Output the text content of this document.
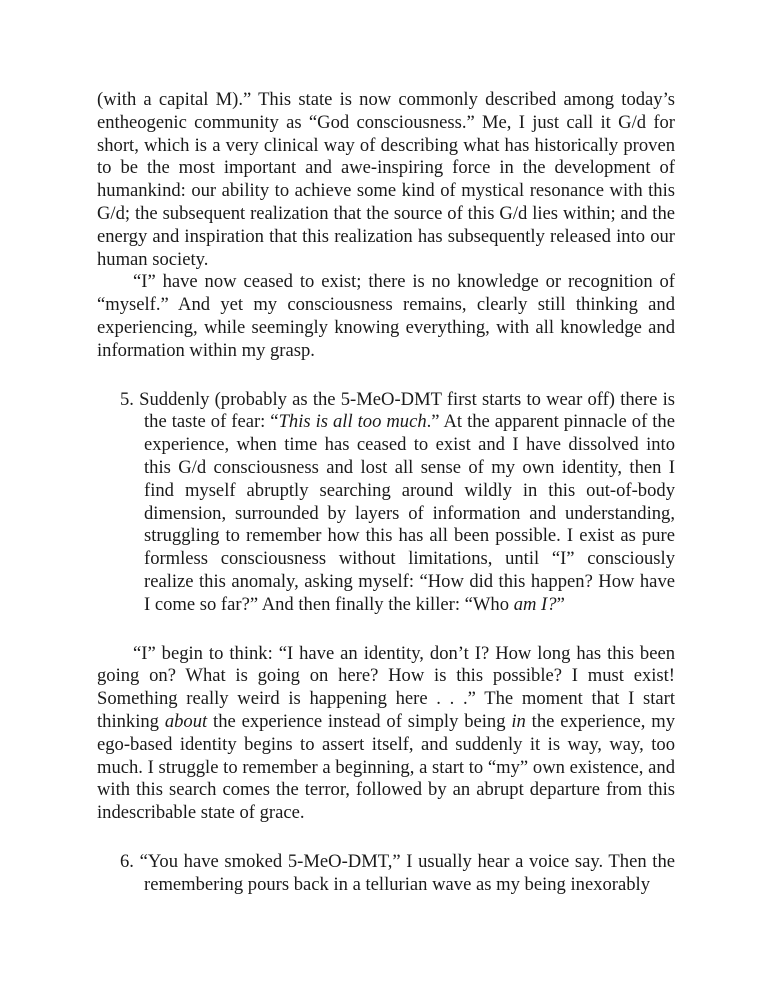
(with a capital M).” This state is now commonly described among today’s entheogenic community as “God consciousness.” Me, I just call it G/d for short, which is a very clinical way of describing what has historically proven to be the most important and awe-inspiring force in the development of humankind: our ability to achieve some kind of mystical resonance with this G/d; the subsequent realization that the source of this G/d lies within; and the energy and inspiration that this realization has subsequently released into our human society.

“I” have now ceased to exist; there is no knowledge or recognition of “myself.” And yet my consciousness remains, clearly still thinking and experiencing, while seemingly knowing everything, with all knowledge and information within my grasp.

5. Suddenly (probably as the 5-MeO-DMT first starts to wear off) there is the taste of fear: “This is all too much.” At the apparent pinnacle of the experience, when time has ceased to exist and I have dissolved into this G/d consciousness and lost all sense of my own identity, then I find myself abruptly searching around wildly in this out-of-body dimension, surrounded by layers of information and understanding, struggling to remember how this has all been possible. I exist as pure formless consciousness without limitations, until “I” consciously realize this anomaly, asking myself: “How did this happen? How have I come so far?” And then finally the killer: “Who am I?”

“I” begin to think: “I have an identity, don’t I? How long has this been going on? What is going on here? How is this possible? I must exist! Something really weird is happening here . . .” The moment that I start thinking about the experience instead of simply being in the experience, my ego-based identity begins to assert itself, and suddenly it is way, way, too much. I struggle to remember a beginning, a start to “my” own existence, and with this search comes the terror, followed by an abrupt departure from this indescribable state of grace.

6. “You have smoked 5-MeO-DMT,” I usually hear a voice say. Then the remembering pours back in a tellurian wave as my being inexorably
